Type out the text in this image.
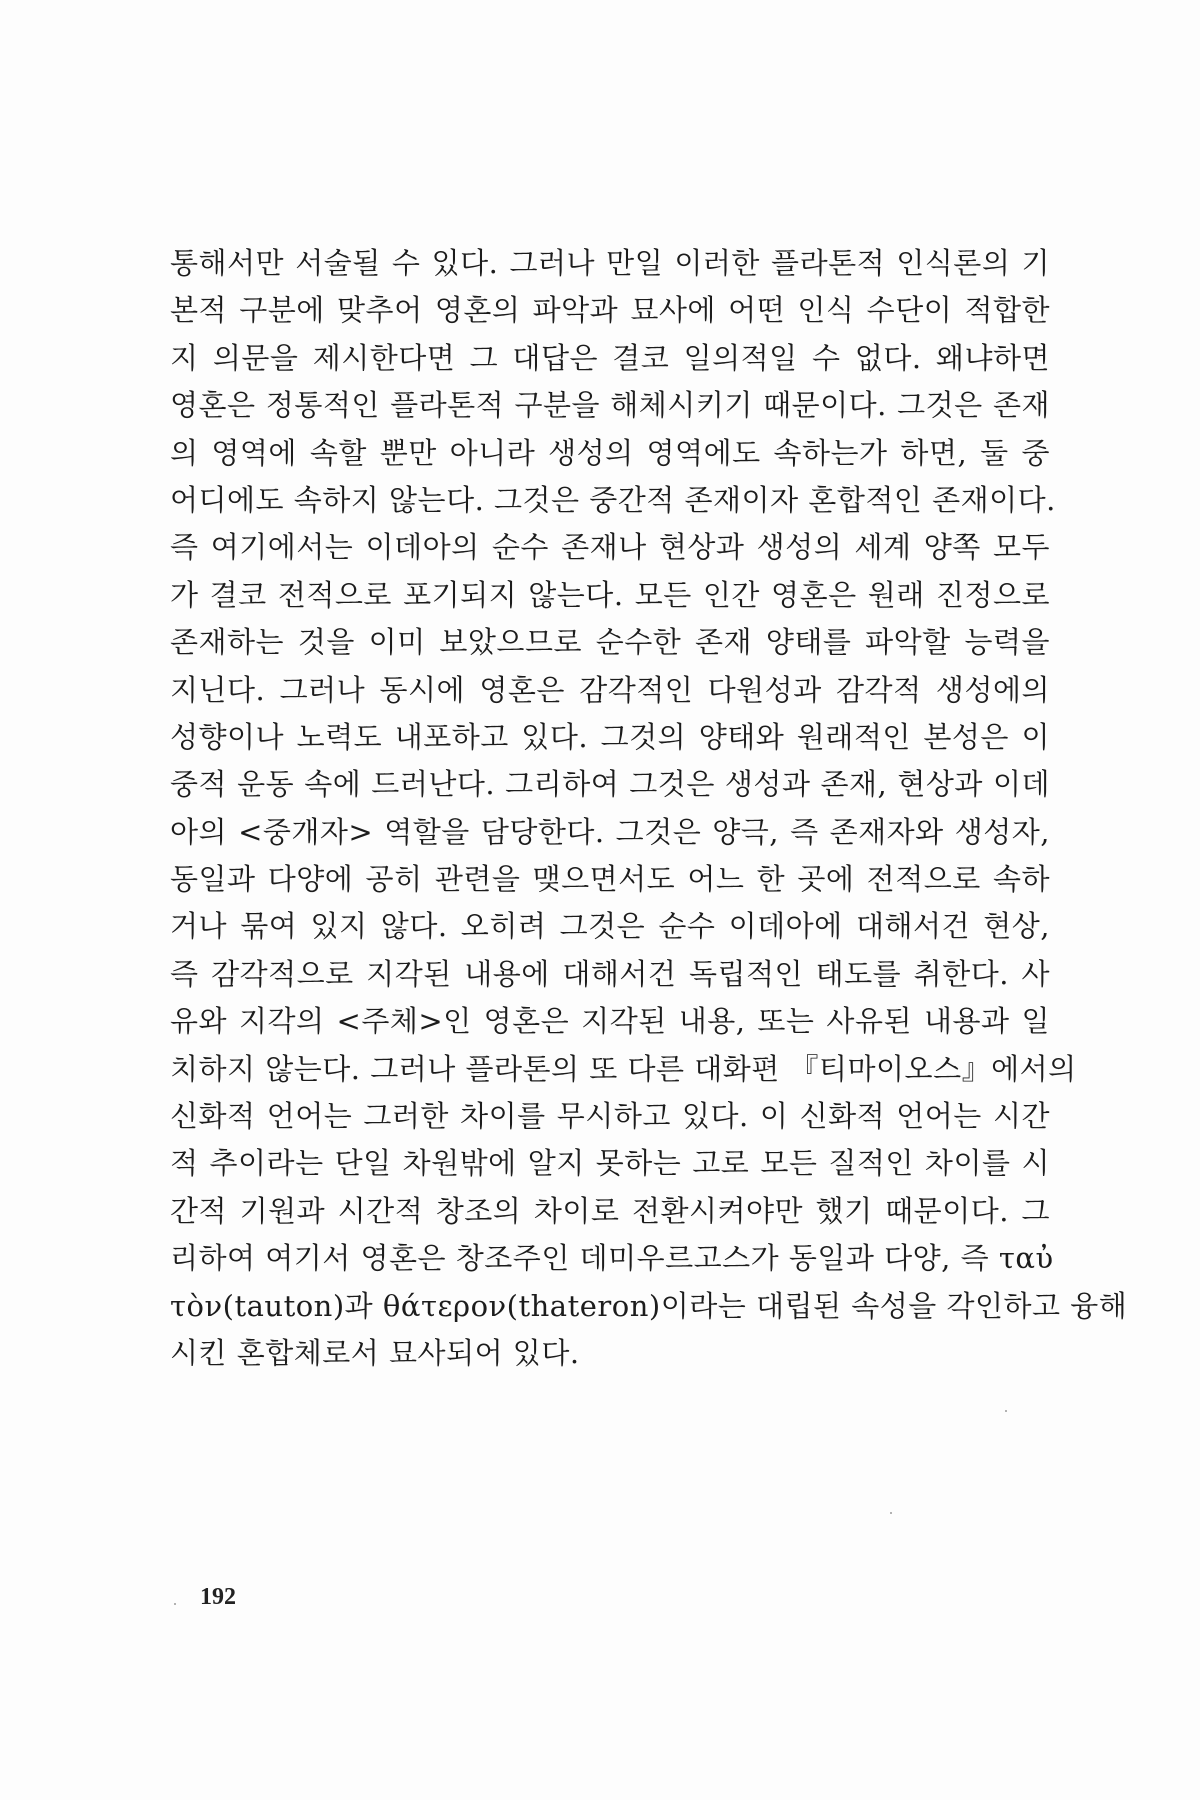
통해서만 서술될 수 있다. 그러나 만일 이러한 플라톤적 인식론의 기
본적 구분에 맞추어 영혼의 파악과 묘사에 어떤 인식 수단이 적합한
지 의문을 제시한다면 그 대답은 결코 일의적일 수 없다. 왜냐하면
영혼은 정통적인 플라톤적 구분을 해체시키기 때문이다. 그것은 존재
의 영역에 속할 뿐만 아니라 생성의 영역에도 속하는가 하면, 둘 중
어디에도 속하지 않는다. 그것은 중간적 존재이자 혼합적인 존재이다.
즉 여기에서는 이데아의 순수 존재나 현상과 생성의 세계 양쪽 모두
가 결코 전적으로 포기되지 않는다. 모든 인간 영혼은 원래 진정으로
존재하는 것을 이미 보았으므로 순수한 존재 양태를 파악할 능력을
지닌다. 그러나 동시에 영혼은 감각적인 다원성과 감각적 생성에의
성향이나 노력도 내포하고 있다. 그것의 양태와 원래적인 본성은 이
중적 운동 속에 드러난다. 그리하여 그것은 생성과 존재, 현상과 이데
아의 <중개자> 역할을 담당한다. 그것은 양극, 즉 존재자와 생성자,
동일과 다양에 공히 관련을 맺으면서도 어느 한 곳에 전적으로 속하
거나 묶여 있지 않다. 오히려 그것은 순수 이데아에 대해서건 현상,
즉 감각적으로 지각된 내용에 대해서건 독립적인 태도를 취한다. 사
유와 지각의 <주체>인 영혼은 지각된 내용, 또는 사유된 내용과 일
치하지 않는다. 그러나 플라톤의 또 다른 대화편 『티마이오스』에서의
신화적 언어는 그러한 차이를 무시하고 있다. 이 신화적 언어는 시간
적 추이라는 단일 차원밖에 알지 못하는 고로 모든 질적인 차이를 시
간적 기원과 시간적 창조의 차이로 전환시켜야만 했기 때문이다. 그
리하여 여기서 영혼은 창조주인 데미우르고스가 동일과 다양, 즉 ταὐ
τὸν(tauton)과 θάτερον(thateron)이라는 대립된 속성을 각인하고 융해
시킨 혼합체로서 묘사되어 있다.
192
